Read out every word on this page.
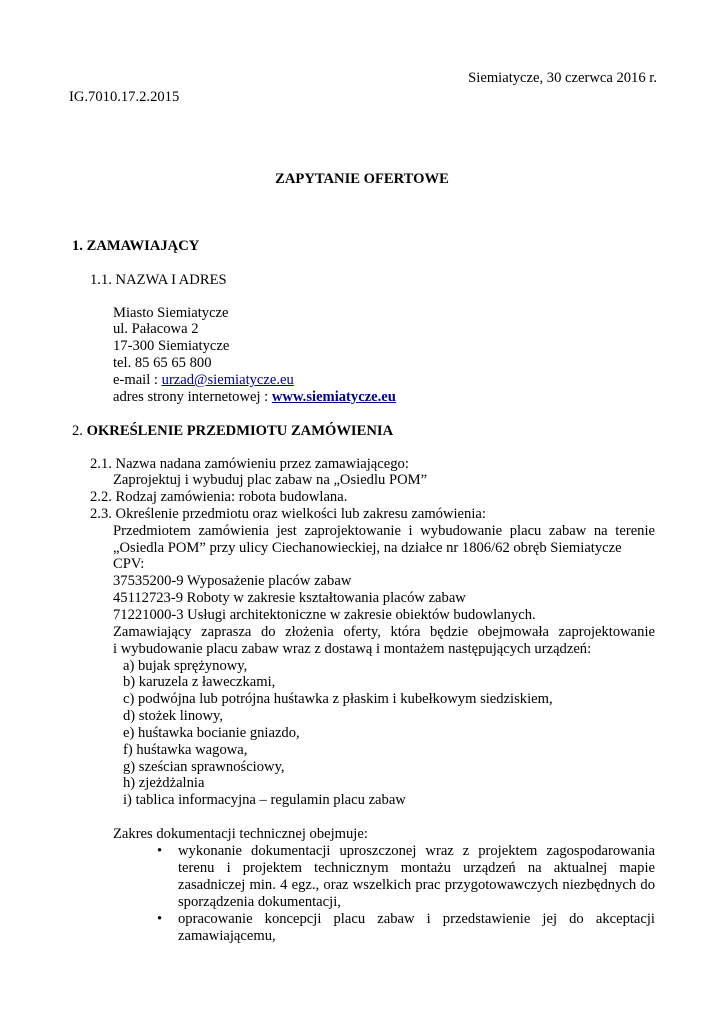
Siemiatycze, 30 czerwca 2016 r.
IG.7010.17.2.2015
ZAPYTANIE OFERTOWE
1. ZAMAWIAJĄCY
1.1. NAZWA I ADRES
Miasto Siemiatycze
ul. Pałacowa 2
17-300 Siemiatycze
tel. 85 65 65 800
e-mail : urzad@siemiatycze.eu
adres strony internetowej : www.siemiatycze.eu
2. OKREŚLENIE PRZEDMIOTU ZAMÓWIENIA
2.1. Nazwa nadana zamówieniu przez zamawiającego:
Zaprojektuj i wybuduj plac zabaw na „Osiedlu POM”
2.2. Rodzaj zamówienia: robota budowlana.
2.3. Określenie przedmiotu oraz wielkości lub zakresu zamówienia:
Przedmiotem zamówienia jest zaprojektowanie i wybudowanie placu zabaw na terenie
„Osiedla POM” przy ulicy Ciechanowieckiej, na działce nr 1806/62 obręb Siemiatycze
CPV:
37535200-9 Wyposażenie placów zabaw
45112723-9 Roboty w zakresie kształtowania placów zabaw
71221000-3 Usługi architektoniczne w zakresie obiektów budowlanych.
Zamawiający zaprasza do złożenia oferty, która będzie obejmowała zaprojektowanie
i wybudowanie placu zabaw wraz z dostawą i montażem następujących urządzeń:
a) bujak sprężynowy,
b) karuzela z ławeczkami,
c) podwójna lub potrójna huśtawka z płaskim i kubełkowym siedziskiem,
d) stożek linowy,
e) huśtawka bocianie gniazdo,
f) huśtawka wagowa,
g) sześcian sprawnościowy,
h) zjeżdżalnia
i) tablica informacyjna – regulamin placu zabaw
Zakres dokumentacji technicznej obejmuje:
• wykonanie dokumentacji uproszczonej wraz z projektem zagospodarowania
terenu i projektem technicznym montażu urządzeń na aktualnej mapie
zasadniczej min. 4 egz., oraz wszelkich prac przygotowawczych niezbędnych do
sporządzenia dokumentacji,
• opracowanie koncepcji placu zabaw i przedstawienie jej do akceptacji
zamawiającemu,
